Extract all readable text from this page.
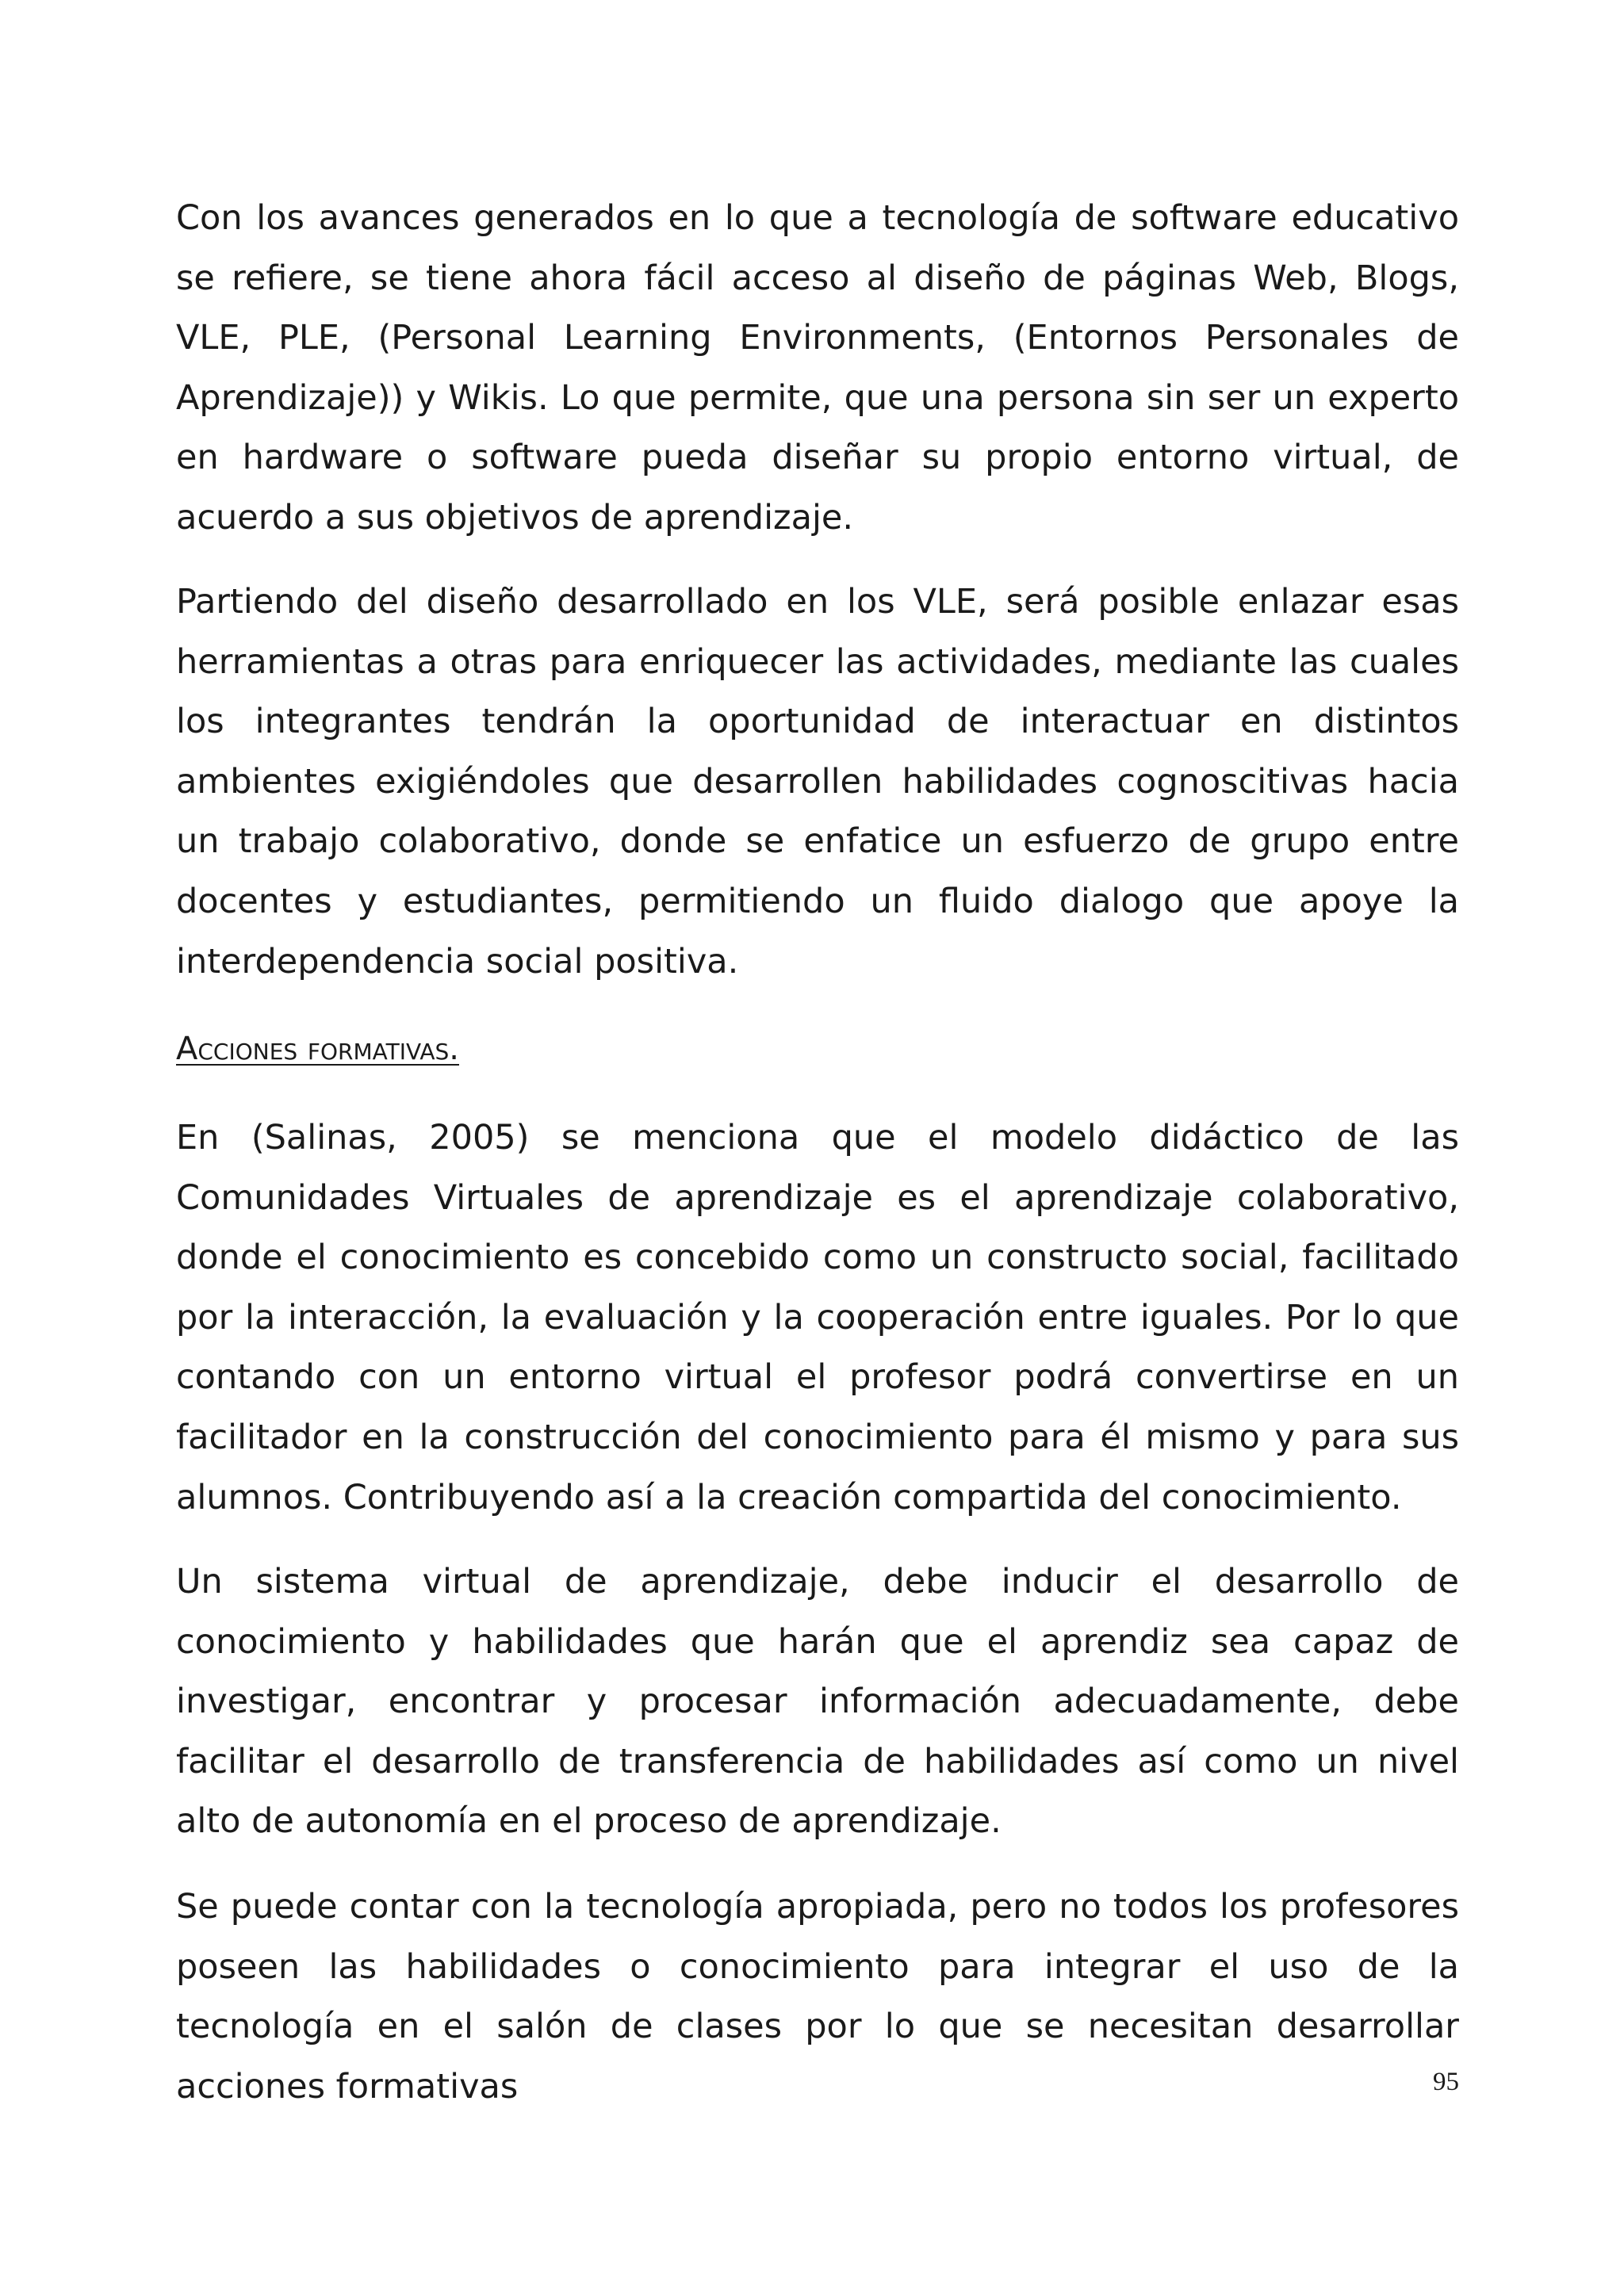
Con los avances generados en lo que a tecnología de software educativo se refiere, se tiene ahora fácil acceso al diseño de páginas Web, Blogs, VLE, PLE, (Personal Learning Environments, (Entornos Personales de Aprendizaje)) y Wikis. Lo que permite, que una persona sin ser un experto en hardware o software pueda diseñar su propio entorno virtual, de acuerdo a sus objetivos de aprendizaje.

Partiendo del diseño desarrollado en los VLE, será posible enlazar esas herramientas a otras para enriquecer las actividades, mediante las cuales los integrantes tendrán la oportunidad de interactuar en distintos ambientes exigiéndoles que desarrollen habilidades cognoscitivas hacia un trabajo colaborativo, donde se enfatice un esfuerzo de grupo entre docentes y estudiantes, permitiendo un fluido dialogo que apoye la interdependencia social positiva.

Acciones formativas.

En (Salinas, 2005) se menciona que el modelo didáctico de las Comunidades Virtuales de aprendizaje es el aprendizaje colaborativo, donde el conocimiento es concebido como un constructo social, facilitado por la interacción, la evaluación y la cooperación entre iguales. Por lo que contando con un entorno virtual el profesor podrá convertirse en un facilitador en la construcción del conocimiento para él mismo y para sus alumnos. Contribuyendo así a la creación compartida del conocimiento.

Un sistema virtual de aprendizaje, debe inducir el desarrollo de conocimiento y habilidades que harán que el aprendiz sea capaz de investigar, encontrar y procesar información adecuadamente, debe facilitar el desarrollo de transferencia de habilidades así como un nivel alto de autonomía en el proceso de aprendizaje.

Se puede contar con la tecnología apropiada, pero no todos los profesores poseen las habilidades o conocimiento para integrar el uso de la tecnología en el salón de clases por lo que se necesitan desarrollar acciones formativas	95
